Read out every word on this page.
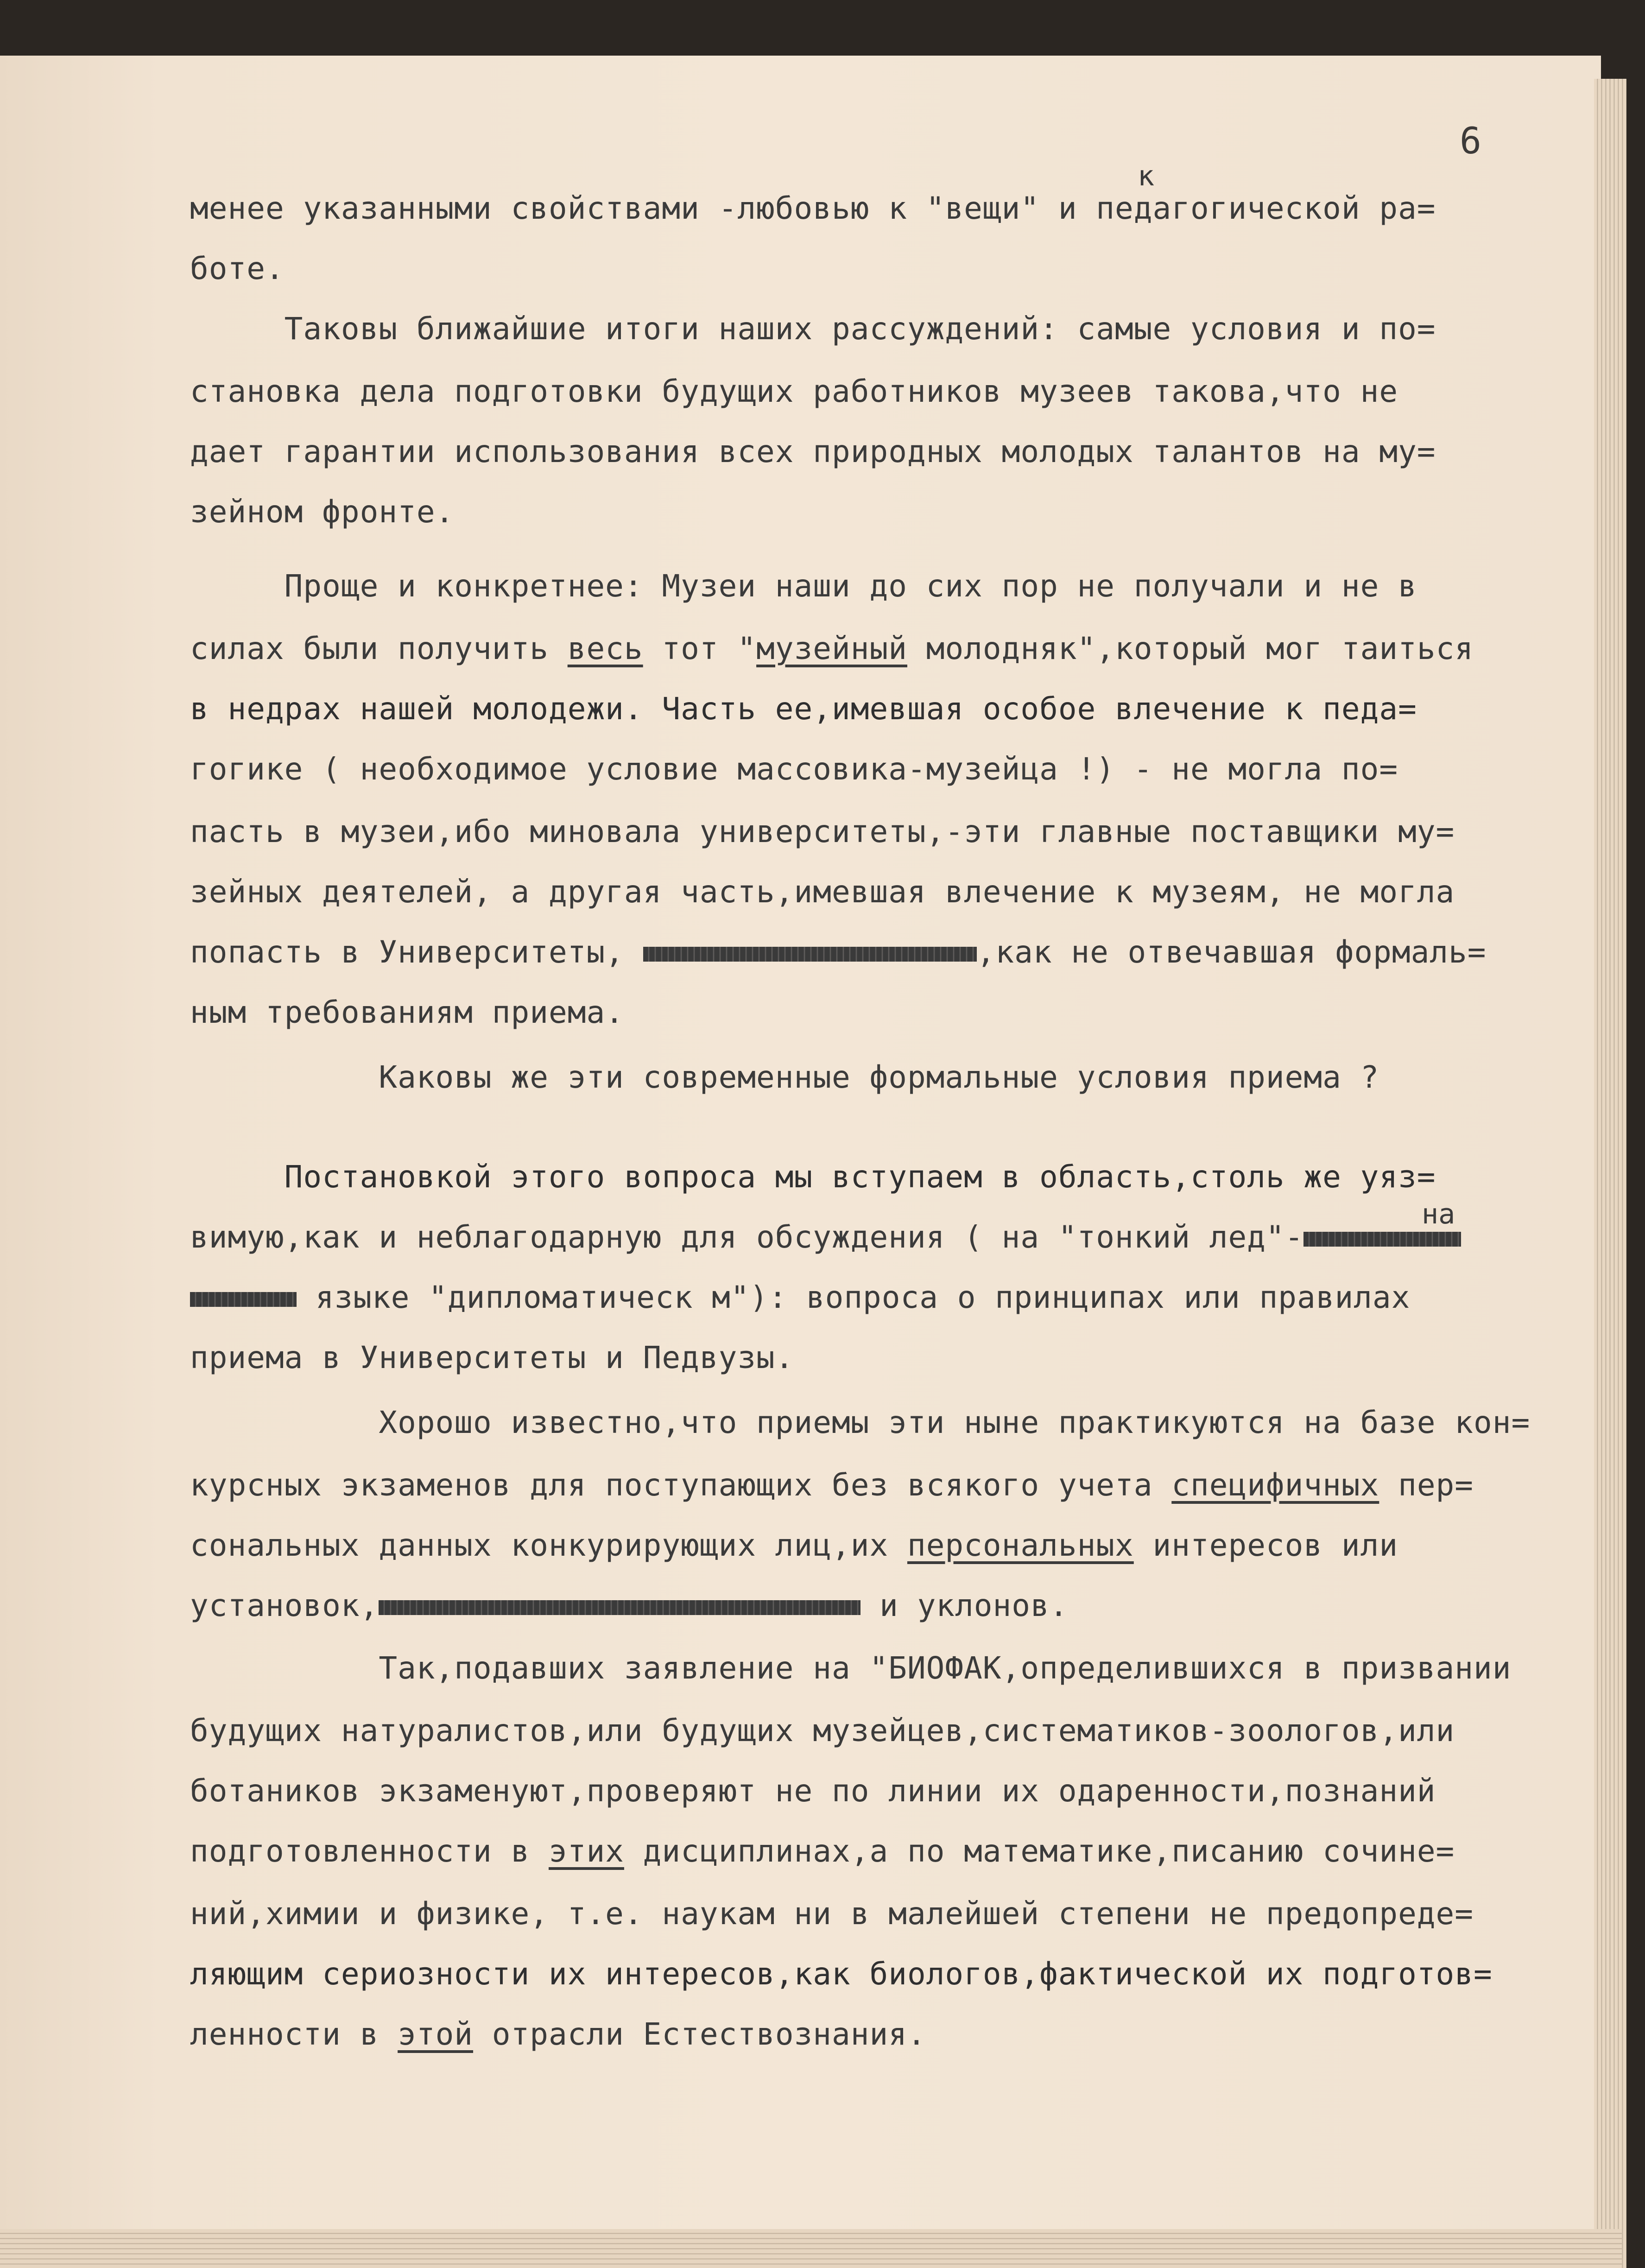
6
к
на
менее указанными свойствами -любовью к "вещи" и педагогической ра=
боте.
Таковы ближайшие итоги наших рассуждений: самые условия и по=
становка дела подготовки будущих работников музеев такова,что не
дает гарантии использования всех природных молодых талантов на му=
зейном фронте.
Проще и конкретнее: Музеи наши до сих пор не получали и не в
силах были получить весь тот "музейный молодняк",который мог таиться
в недрах нашей молодежи. Часть ее,имевшая особое влечение к педа=
гогике ( необходимое условие массовика-музейца !) - не могла по=
пасть в музеи,ибо миновала университеты,-эти главные поставщики му=
зейных деятелей, а другая часть,имевшая влечение к музеям, не могла
попасть в Университеты,	,как не отвечавшая формаль=
ным требованиям приема.
Каковы же эти современные формальные условия приема ?
Постановкой этого вопроса мы вступаем в область,столь же уяз=
вимую,как и неблагодарную для обсуждения ( на "тонкий лед"-
языке "дипломатическ м"): вопроса о принципах или правилах
приема в Университеты и Педвузы.
Хорошо известно,что приемы эти ныне практикуются на базе кон=
курсных экзаменов для поступающих без всякого учета специфичных пер=
сональных данных конкурирующих лиц,их персональных интересов или
установок,	и уклонов.
Так,подавших заявление на "БИОФАК,определившихся в призвании
будущих натуралистов,или будущих музейцев,систематиков-зоологов,или
ботаников экзаменуют,проверяют не по линии их одаренности,познаний
подготовленности в этих дисциплинах,а по математике,писанию сочине=
ний,химии и физике, т.е. наукам ни в малейшей степени не предопреде=
ляющим сериозности их интересов,как биологов,фактической их подготов=
ленности в этой отрасли Естествознания.
